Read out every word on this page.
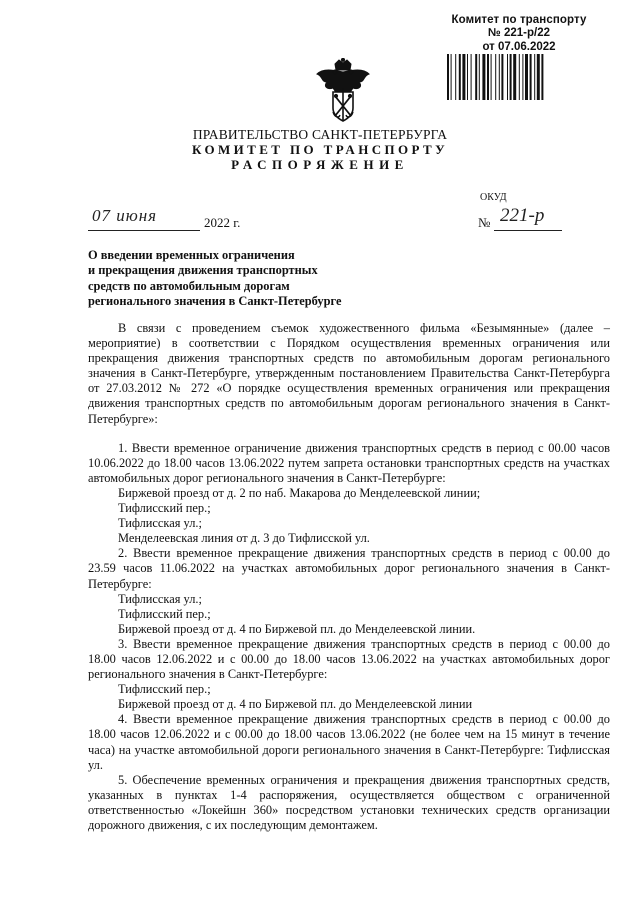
Комитет по транспорту
№ 221-р/22
от 07.06.2022
ПРАВИТЕЛЬСТВО САНКТ-ПЕТЕРБУРГА
КОМИТЕТ ПО ТРАНСПОРТУ
РАСПОРЯЖЕНИЕ
ОКУД
07 июня	2022 г.	№ 221-р
О введении временных ограничения
и прекращения движения транспортных
средств по автомобильным дорогам
регионального значения в Санкт-Петербурге

В связи с проведением съемок художественного фильма «Безымянные» (далее – мероприятие) в соответствии с Порядком осуществления временных ограничения или прекращения движения транспортных средств по автомобильным дорогам регионального значения в Санкт-Петербурге, утвержденным постановлением Правительства Санкт-Петербурга от 27.03.2012 № 272 «О порядке осуществления временных ограничения или прекращения движения транспортных средств по автомобильным дорогам регионального значения в Санкт-Петербурге»:

1. Ввести временное ограничение движения транспортных средств в период с 00.00 часов 10.06.2022 до 18.00 часов 13.06.2022 путем запрета остановки транспортных средств на участках автомобильных дорог регионального значения в Санкт-Петербурге:

Биржевой проезд от д. 2 по наб. Макарова до Менделеевской линии;

Тифлисский пер.;

Тифлисская ул.;

Менделеевская линия от д. 3 до Тифлисской ул.

2. Ввести временное прекращение движения транспортных средств в период с 00.00 до 23.59 часов 11.06.2022 на участках автомобильных дорог регионального значения в Санкт-Петербурге:

Тифлисская ул.;

Тифлисский пер.;

Биржевой проезд от д. 4 по Биржевой пл. до Менделеевской линии.

3. Ввести временное прекращение движения транспортных средств в период с 00.00 до 18.00 часов 12.06.2022 и с 00.00 до 18.00 часов 13.06.2022 на участках автомобильных дорог регионального значения в Санкт-Петербурге:

Тифлисский пер.;

Биржевой проезд от д. 4 по Биржевой пл. до Менделеевской линии

4. Ввести временное прекращение движения транспортных средств в период с 00.00 до 18.00 часов 12.06.2022 и с 00.00 до 18.00 часов 13.06.2022 (не более чем на 15 минут в течение часа) на участке автомобильной дороги регионального значения в Санкт-Петербурге: Тифлисская ул.

5. Обеспечение временных ограничения и прекращения движения транспортных средств, указанных в пунктах 1-4 распоряжения, осуществляется обществом с ограниченной ответственностью «Локейшн 360» посредством установки технических средств организации дорожного движения, с их последующим демонтажем.
